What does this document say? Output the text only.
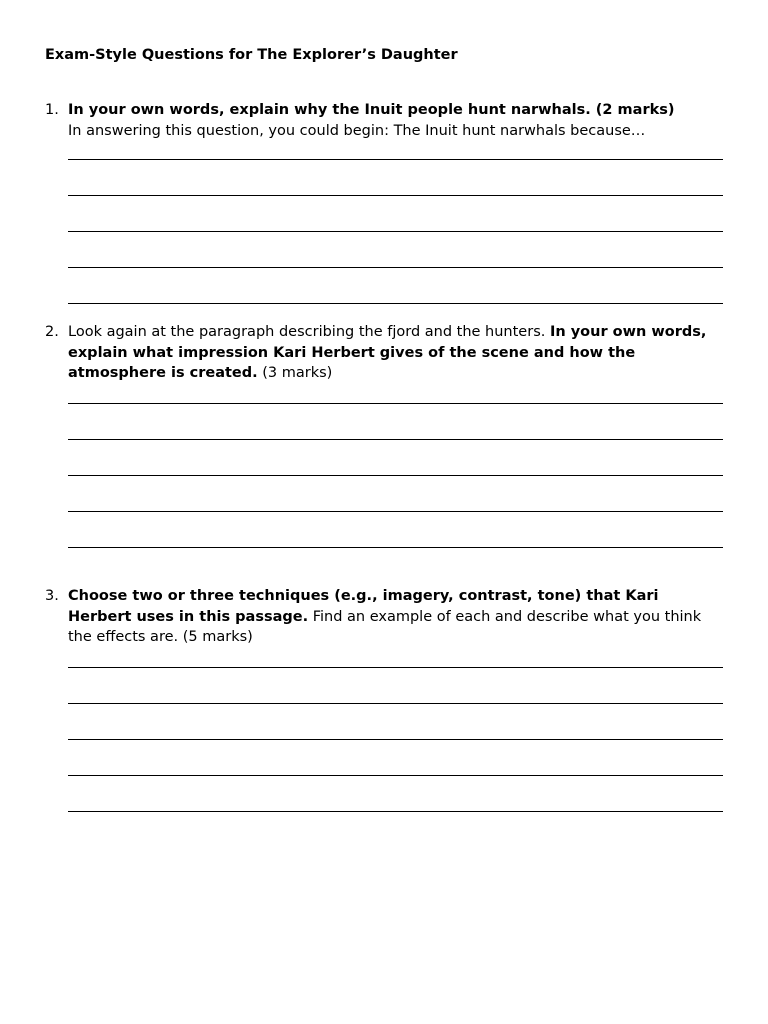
Exam-Style Questions for The Explorer’s Daughter
1. In your own words, explain why the Inuit people hunt narwhals. (2 marks)
In answering this question, you could begin: The Inuit hunt narwhals because…
2. Look again at the paragraph describing the fjord and the hunters. In your own words, explain what impression Kari Herbert gives of the scene and how the atmosphere is created. (3 marks)
3. Choose two or three techniques (e.g., imagery, contrast, tone) that Kari Herbert uses in this passage. Find an example of each and describe what you think the effects are. (5 marks)
